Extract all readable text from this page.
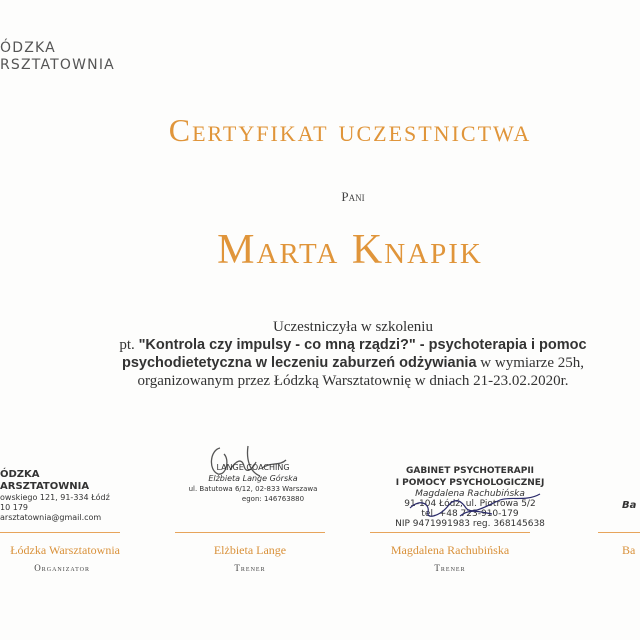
ÓDZKA
RSZTATOWNIA
Certyfikat uczestnictwa
Pani
Marta Knapik
Uczestniczyła w szkoleniu
pt. "Kontrola czy impulsy - co mną rządzi?" - psychoterapia i pomoc
psychodietetyczna w leczeniu zaburzeń odżywiania w wymiarze 25h,
organizowanym przez Łódzką Warsztatownię w dniach 21-23.02.2020r.
ÓDZKA
ARSZTATOWNIA
owskiego 121, 91-334 Łódź
10 179
arsztatownia@gmail.com
LANGE COACHING
Elżbieta Lange Górska
ul. Batutowa 6/12, 02-833 Warszawa
egon: 146763880
GABINET PSYCHOTERAPII
I POMOCY PSYCHOLOGICZNEJ
Magdalena Rachubińska
91-104 Łódź, ul. Piotrowa 5/2
tel. +48 723-910-179
NIP 9471991983 reg. 368145638
Ba
Łódzka Warsztatownia
Organizator
Elżbieta Lange
Trener
Magdalena Rachubińska
Trener
Ba
